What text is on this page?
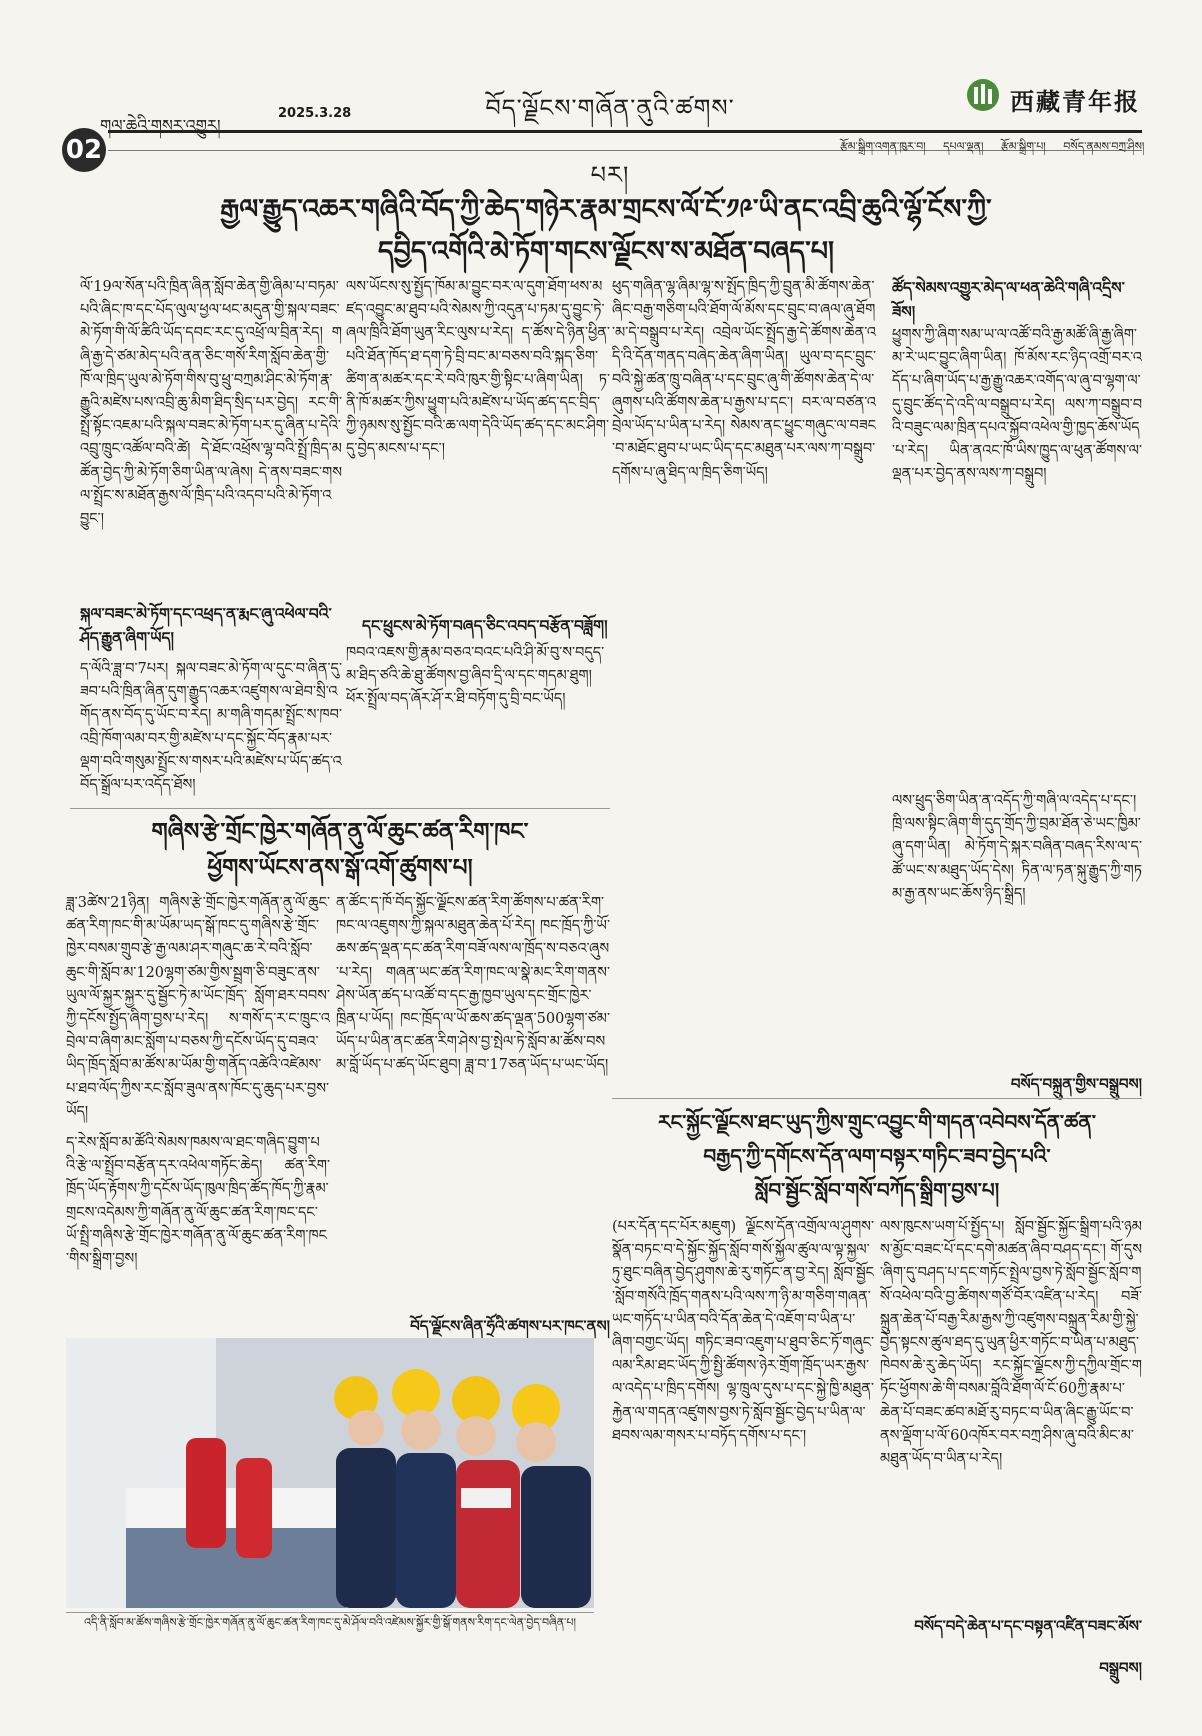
གལ་ཆེའི་གསར་འགྱུར།
2025.3.28	བོད་ལྗོངས་གཞོན་ནུའི་ཚགས་པར།
西藏青年报
02	རྩོམ་སྒྲིག་འགན་ཁུར་བ། དཔལ་ལྡན། རྩོམ་སྒྲིག་པ། བསོད་ནམས་བཀྲ་ཤིས།
རྒྱལ་རྒྱུད་འཆར་གཞིའི་བོད་ཀྱི་ཆེད་གཉེར་རྣམ་གྲངས་ལོ་ངོ་༡༩་ཡི་ནང་འབྲི་ཆུའི་ལྷོ་ངོས་ཀྱི་
དབྱིད་འགོའི་མེ་ཏོག་གངས་ལྗོངས་ས་མཐོན་བཞད་པ།
ལོ་19ལ་སོན་པའི་ཁྲིན་ཞིན་སློབ་ཆེན་གྱི་ཞིམ་པ་བཏམ་པའི་ཞིང་ཁ་དང་པོད་ལུལ་ཕྱལ་ཕང་མདུན་གྱི་སྐལ་བཟང་མེ་ཏོག་གི་ལོ་ཚིའི་ཡོད་དབང་རང་དུ་འཕྲོ་ལ་བྲིན་རེད། གཞི་རྒྱ་དེ་ཙམ་མེད་པའི་ནན་ཅིང་གསོ་རིག་སློབ་ཆེན་གྱི་ཁོ་ལ་ཁྲིད་ཡུལ་མེ་ཏོག་གིས་བུ་ཕྲུ་བཀྲམ་ཤིང་མེ་ཏོག་རྣ་རྒྱུའི་མཛེས་པས་འབྲི་ཆུ་མིག་ཐིད་སྲིད་པར་བྱེད། རང་གི་སྤྲོ་སྟོང་འཇམ་པའི་སྐལ་བཟང་མེ་ཏོག་པར་དུ་ཞིན་པ་དེའི་འབྲུ་ཁྲུང་འཚོལ་བའི་ཚེ། དེ་ཐོང་འཕྲོས་ལྷ་བའི་སྤྲོ་ཁྲིད་མཚོན་བྱེད་ཀྱི་མེ་ཏོག་ཅིག་ཡིན་ལ་ཞེས། དེ་ནས་བཟང་གསལ་སྤྲོང་ས་མཐོན་རྒྱས་ལོ་ཁྲིད་པའི་འདབ་པའི་མེ་ཏོག་འབྱུང་།
སྐལ་བཟང་མེ་ཏོག་དང་འཕྲད་ན་རྨང་ཞུ་འཕེལ་བའི་ཤོད་རྒྱུན་ཞིག་ཡོད།
ད་ལོའི་ཟླ་བ་7པར། སྐལ་བཟང་མེ་ཏོག་ལ་དུང་བ་ཞིན་དུ་ཟབ་པའི་ཁྲིན་ཞིན་དུག་རྒྱུད་འཆར་འཛུགས་ལ་ཐེབ་སྲི་འགོད་ནས་བོད་དུ་ཡོང་བ་རེད། མ་གཞི་གདམ་སྤྲོང་ས་ཁབ་འབྲི་ཁོག་ལམ་བར་གྱི་མཛེས་པ་དང་སྐྱོང་བོད་རྣམ་པར་ལྡག་བའི་གསུམ་སྤྲོང་ས་གསར་པའི་མཛེས་པ་ཡོད་ཚད་འབོད་སྒྲོལ་པར་འདོད་ཐོས།
ལས་ཡོངས་སུ་སྤྱོད་ཁོམ་མ་བྱུང་བར་ལ་དུག་ཐོག་ཕས་མཛད་འབྱུང་མ་ཐུབ་པའི་སེམས་ཀྱི་འདུན་པ་ཏམ་དུ་བྱུང་ཏེ་ཞལ་ཁྲིའི་ཐོག་ཡུན་རིང་ལུས་པ་རེད། ད་ཚོས་དེ་ཉིན་ཕྱིན་པའི་ཐོན་ཁོད་ཐ་དག་ཏེ་བྲི་བང་མ་བཅས་བའི་སྐད་ཅིག་ཚིག་ན་མཚར་དང་རེ་བའི་ཁུར་གྱི་སྟིང་པ་ཞིག་ཡིན། ཏ་ནི་ཁོ་མཚར་ཀྱིས་ཕྱུག་པའི་མཛེས་པ་ཡོད་ཚད་དང་བྲིད་ཀྱི་ཉམས་སུ་སྤྱོང་བའི་ཆ་ལག་དེའི་ཡོད་ཚད་དང་མང་ཤིག་དུ་བྱེད་མངས་པ་དང་།
དང་ཕྲུངས་མེ་ཏོག་བཞད་ཅིང་འབད་བརྩོན་བཟློག།
ཁབའ་འཇས་གྱི་རྣམ་བཅའ་བའང་པའི་ཤི་མོ་བུ་ས་བདུད་མ་ཐིད་ཙའི་ཆེ་ཐུ་ཚོགས་བྱ་ཞིབ་དྲི་ལ་དང་གདམ་ཐུག། ཕོར་སྤྲོལ་བད་ཞོར་ཤོ་ར་ཐི་བཏོག་དུ་བྲི་བང་ཡོད།
ཕུད་གཞིན་ལྷ་ཞིམ་ལྷ་ས་སྤོད་ཁྲིད་ཀྱི་བྲུན་མི་ཚོགས་ཆེན་ཞིང་བརྒྱ་གཅིག་པའི་ཐོག་ལོ་མོས་དང་བྲུང་བ་ཞལ་ཞུ་ཐོག་མ་དེ་བསྒྲུབ་པ་རེད། འབྲེལ་ཡོང་སྤྲོད་རྒྱ་དེ་ཚོགས་ཆེན་འདི་འི་དོན་གནད་བཞེད་ཆེན་ཞིག་ཡིན། ཡུལ་བ་དང་བྲུང་བའི་སྐྱེ་ཚན་ཁྲུ་བཞིན་པ་དང་བྲུང་ཞུ་གི་ཚོགས་ཆེན་དེ་ལ་ཞུགས་པའི་ཚོགས་ཆེན་པ་རྒྱས་པ་དང་། བར་ལ་བཙན་འབྲེལ་ཡོད་པ་ཡིན་པ་རེད། སེམས་ནང་ཕྱུང་གཞུང་ལ་བཟང་བ་མཐོང་ཐུབ་པ་ཡང་ཡིད་དང་མཐུན་པར་ལས་ཀ་བསྒྲུབ་དགོས་པ་ཞུ་ཐིད་ལ་ཁྲིད་ཅིག་ཡོད།
ཚོད་སེམས་འགྱུར་མེད་ལ་ཕན་ཆེའི་གཞི་འདྲིས་ཟོས།
ཕྱུགས་ཀྱི་ཞིག་སམ་ཡ་ལ་འཚོ་བའི་རྒྱ་མཚོ་ཞི་རྒྱ་ཞིག་མ་རེ་ཡང་བྱུང་ཞིག་ཡིན། ཁོ་མོས་རང་ཉིད་འགྲོ་བར་འདོད་པ་ཞིག་ཡོད་པ་རྒྱ་རྒྱུ་འཆར་འགོད་ལ་ཞུ་བ་ལྷག་ལ་དུ་བྲུང་ཚོད་དེ་འདི་ལ་བསྒྲུབ་པ་རེད། ལས་ཀ་བསྒྲུབ་བའི་བཟུང་ལམ་ཁྲིན་དཔའ་སྐྱོབ་འཕེལ་གྱི་ཁྱད་ཆོས་ཡོད་པ་རེད། ཡིན་ནའང་ཁོ་ཡིས་ཁྱུད་ལ་ཕུན་ཚོགས་ལ་ལྡན་པར་བྱེད་ནས་ལས་ཀ་བསྒྲུབ།
ལས་ཕྲུད་ཅིག་ཡིན་ན་འདོད་ཀྱི་གཞི་ལ་འདེད་པ་དང་། ཁྲི་ལས་སྟིང་ཞིག་གི་དུད་གྲོད་ཀྱི་བྲམ་ཐོན་ཅེ་ཡང་ཁྱིམ་ཞུ་དག་ཡིན། མེ་ཏོག་དེ་སྐར་བཞིན་བཞད་རིས་ལ་ད་ཚོ་ཡང་ས་མཐུད་ཡོད་དེས། ཏིན་ལ་ཏན་སྐུ་རྒྱུད་ཀྱི་གཏམ་རྒྱ་ནས་ཡང་ཆོས་ཉིད་སྒྲིད།
བསོད་བསྐྲུན་གྱིས་བསྒྲུབས།
གཞིས་རྩེ་གྲོང་ཁྱེར་གཞོན་ནུ་ལོ་ཆུང་ཚན་རིག་ཁང་
ཕྱོགས་ཡོངས་ནས་སྒོ་འགོ་ཚུགས་པ།
ཟླ་3ཚེས་21ཉིན། གཞིས་རྩེ་གྲོང་ཁྱེར་གཞོན་ནུ་ལོ་ཆུང་ཚན་རིག་ཁང་གི་མ་ཡོམ་ཡད་སྒོ་ཁང་དུ་གཞིས་རྩེ་གྲོང་ཁྱེར་བསམ་གྲུབ་རྩེ་རྒྱ་ལམ་ཤར་གཞུང་ཆ་རེ་བའི་སློབ་ཆུང་གི་སློབ་མ་120ལྷག་ཙམ་གྱིས་སྦྲག་ཅི་བཟུང་ནས་ཡུལ་ལོ་སྐྱར་སྐྱར་དུ་སྦྱོང་ཏེ་མ་ཡོང་ཁྲོད་ སློག་ཐར་བབས་ཀྱི་དངོས་སྤྱོད་ཞིག་བྱས་པ་རེད། ས་གསོ་ད་ར་ང་ཁྲུང་འབྲེལ་བ་ཞིག་མང་སློག་པ་བཅས་ཀྱི་དངོས་ཡོད་དུ་བཟའ་ཡིད་ཁྲོད་སློབ་མ་ཚོས་མ་ཡོམ་གྱི་གནོད་འཚེའི་འཛེམས་པ་ཐབ་ལོད་ཀྱིས་རང་སློབ་ཟུལ་ནས་ཁོང་དུ་ཆུད་པར་བྱས་ཡོད།
ད་རེས་སློབ་མ་ཚོའི་སེམས་ཁམས་ལ་ཐང་གཞིད་བྱུག་པའི་རྩེ་ལ་སྤྲོབ་བརྩོན་དར་འཕེལ་གཏོང་ཆེད། ཚན་རིག་ཁྲོད་ཡོད་རྟོགས་ཀྱི་དངོས་ཡོད་ཁུལ་ཁྲིད་ཚོད་ཁོད་ཀྱི་རྣམ་གྲངས་འདེམས་ཀྱི་གཞོན་ནུ་ལོ་ཆུང་ཚན་རིག་ཁང་དང་ཡོ་སྤྲི་གཞིས་རྩེ་གྲོང་ཁྱེར་གཞོན་ནུ་ལོ་ཆུང་ཚན་རིག་ཁང་གིས་སྒྲིག་བྱས།
ན་ཚོང་ད་ཁོ་བོད་སྐྱོང་ལྗོངས་ཚན་རིག་ཚོགས་པ་ཚན་རིག་ཁང་ལ་འཇུགས་ཀྱི་སྐལ་མཐུན་ཆེན་པོ་རེད། ཁང་ཁྲོད་ཀྱི་ཡོ་ཆས་ཚད་ལྡན་དང་ཚན་རིག་བཟོ་ལས་ལ་ཁྲོད་ས་བཅའ་ཞུས་པ་རེད། གཞན་ཡང་ཚན་རིག་ཁང་ལ་སྣེ་མང་རིག་གནས་ཤེས་ཡོན་ཚད་པ་འཚོ་བ་དང་རྒྱ་ཁྱབ་ཡུལ་དང་གྲོང་ཁྱེར་ཁྲིན་པ་ཡོད། ཁང་ཁྲོད་ལ་ཡོ་ཆས་ཚད་ལྡན་500ལྷག་ཙམ་ཡོད་པ་ཡིན་ནང་ཚན་རིག་ཤེས་བྱ་སྤེལ་ཏེ་སློབ་མ་ཚོས་བསམ་བློ་ཡོད་པ་ཚད་ཡོང་ཐུབ། ཟླ་བ་17ཅན་ཡོད་པ་ཡང་ཡོད།
བོད་ལྗོངས་ཞིན་ཧྲོའི་ཚགས་པར་ཁང་ནས།
འདི་ནི་སློབ་མ་ཚོས་གཞིས་རྩེ་གྲོང་ཁྱེར་གཞོན་ནུ་ལོ་ཆུང་ཚན་རིག་ཁང་དུ་མེ་ཤོལ་བའི་འཛེམས་སྐྱོར་གྱི་སྒོ་གནས་རིག་དང་ལེན་བྱེད་བཞིན་པ།
རང་སྐྱོང་ལྗོངས་ཐང་ཡུད་ཀྱིས་གྲུང་འབྱུང་གི་གདན་འབེབས་དོན་ཚན་
བརྒྱད་ཀྱི་དགོངས་དོན་ལག་བསྟར་གཏིང་ཟབ་བྱེད་པའི་
སློབ་སྦྱོང་སློབ་གསོ་བཀོད་སྒྲིག་བྱས་པ།
(པར་དོན་དང་པོར་མཇུག) ལྗོངས་དོན་འགྲོལ་ལ་ཤུགས་སྣོན་བཏང་བ་དེ་སྐྱོང་སྐྱོད་སློབ་གསོ་སྐྱོལ་ཚུལ་ལ་ལྟ་སྐྱལ་ཏུ་ཐུང་བཞིན་བྱེད་ཤུགས་ཆེ་རུ་གཏོང་ན་བྱ་རེད། སློབ་སྦྱོང་སློབ་གསོའི་ཁྲོད་གནས་པའི་ལས་ཀ་ཉི་མ་གཅིག་གཞན་ཡང་གཏོད་པ་ཡིན་བའི་དོན་ཆེན་དེ་འཇོག་བ་ཡིན་པ་ཞིག་བགྱང་ཡོད། གཏིང་ཟབ་འཇུག་པ་ཐུབ་ཅིང་ཏོ་གཞུང་ལམ་རིམ་ཐང་ཡོད་ཀྱི་སྤྱི་ཚོགས་ཉེར་གྲོག་ཁྲོད་ཡར་རྒྱས་ལ་འདེད་པ་ཁྲིད་དགོས། ལྷ་ཁྲུལ་དུས་པ་དང་སྐྱེ་ཁྱི་མཐུན་རྐྱེན་ལ་གདན་འཛུགས་བྱས་ཏེ་སློབ་སྦྱོང་བྱེད་པ་ཡིན་ལ་ཐབས་ལམ་གསར་པ་བཏོད་དགོས་པ་དང་།
ལས་ཁུངས་ཡག་པོ་སྤྱོད་པ། སློབ་སྦྱོང་སྐྱོང་སྒྲིག་པའི་ཉམས་མྱོང་བཟང་པོ་དང་དགེ་མཚན་ཞིབ་བཤད་དང་། གོ་དུས་ཞིག་དུ་བཤད་པ་དང་གཏོང་སྤྲེལ་བྱས་ཏེ་སློབ་སྦྱོང་སློབ་གསོ་འཕེལ་བའི་བྱ་ཚིགས་གཙོ་བོར་འཛིན་པ་རེད། བཟོ་སྐྲུན་ཆེན་པོ་བརྒྱ་རིམ་རྒྱས་ཀྱི་འཛུགས་བསྐྲུན་རིམ་གྱི་སྐྱེ་བྱེད་སྟངས་ཚུལ་ཐད་དུ་ཡུན་ཕྱིར་གཏོང་བ་ཡིན་པ་མཐུད་ཁེབས་ཆེ་རུ་ཆེད་ཡོད། རང་སྐྱོང་ལྗོངས་ཀྱི་དཀྱིལ་གྲོང་གཏོང་ཕྱོགས་ཆེ་གི་བསམ་བློའི་ཐོག་ལོ་ངོ་60ཀྱི་རྣམ་པ་ཆེན་པོ་བཟང་ཚབ་མཐོ་རུ་བཏང་བ་ཡིན་ཞིང་རྒྱུ་ཡོང་བ་ནས་ལྡོག་པ་ལོ་60འཁོར་བར་བཀྲ་ཤིས་ཞུ་བའི་མིང་མ་མཐུན་ཡོད་བ་ཡིན་པ་རེད།
བསོད་བདེ་ཆེན་པ་དང་བསྟན་འཛིན་བཟང་མོས་བསྒྲུབས།
